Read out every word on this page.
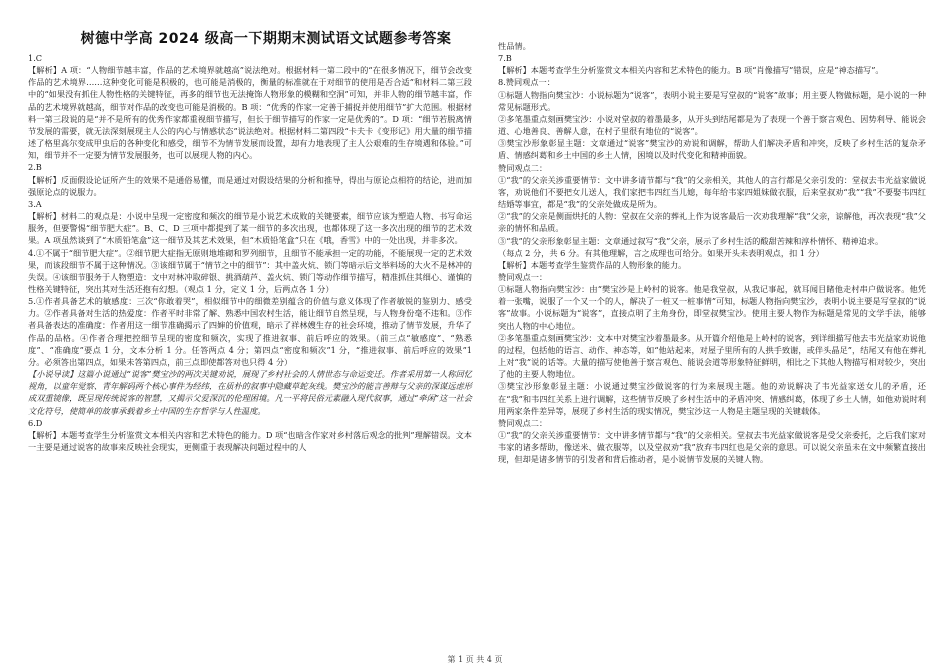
树德中学高 2024 级高一下期期末测试语文试题参考答案

1.C

【解析】A 项：“人物细节越丰富，作品的艺术境界就越高”说法绝对。根据材料一第二段中的“在很多情况下，细节会改变作品的艺术境界……这种变化可能是积极的，也可能是消极的，衡量的标准就在于对细节的使用是否合适”和材料二第三段中的“如果没有抓住人物性格的关键特征，再多的细节也无法掩饰人物形象的模糊和空洞”可知，并非人物的细节越丰富，作品的艺术境界就越高，细节对作品的改变也可能是消极的。B 项：“优秀的作家一定善于捕捉并使用细节”扩大范围。根据材料一第三段说的是“并不是所有的优秀作家都重视细节描写，但长于细节描写的作家一定是优秀的”。D 项：“细节若脱离情节发展的需要，就无法深刻展现主人公的内心与情感状态”说法绝对。根据材料二第四段“卡夫卡《变形记》用大量的细节描述了格里高尔变成甲虫后的各种变化和感受，细节不为情节发展而设置，却有力地表现了主人公艰难的生存境遇和体验。”可知，细节并不一定要为情节发展服务，也可以展现人物的内心。

2.B

【解析】反面假设论证所产生的效果不是通俗易懂，而是通过对假设结果的分析和推导，得出与原论点相符的结论，进而加强原论点的说服力。

3.A

【解析】材料二的观点是：小说中呈现一定密度和频次的细节是小说艺术成败的关键要素，细节应该为塑造人物、书写命运服务，但要警惕“细节肥大症”。B、C、D 三项中都提到了某一细节的多次出现，也都体现了这一多次出现的细节的艺术效果。A 项虽然谈到了“木质铅笔盒”这一细节及其艺术效果，但“木质铅笔盒”只在《哦，香雪》中的一处出现，并非多次。

4.①不属于“细节肥大症”。②细节肥大症指无原则地堆砌和罗列细节，且细节不能承担一定的功能，不能展现一定的艺术效果，而该段细节不属于这种情况。③该细节属于“情节之中的细节”：其中盖火炕、锁门等暗示后文举料场的大火不是林冲的失误。④该细节服务于人物塑造：文中对林冲取碎银、挑酒葫芦、盖火炕、锁门等动作细节描写，精准抓住其细心、谨慎的性格关键特征，突出其对生活还抱有幻想。（观点 1 分，定义 1 分，后两点各 1 分）

5.①作者具备艺术的敏感度：三次“你敢着哭”，相似细节中的细微差别蕴含的价值与意义体现了作者敏锐的鉴别力、感受力。②作者具备对生活的热爱度：作者平时非常了解、熟悉中国农村生活，能让细节自然呈现，与人物身份毫不违和。③作者具备表达的准确度：作者用这一细节准确揭示了四婶的价值观，暗示了祥林嫂生存的社会环境，推动了情节发展，升华了作品的品格。④作者合理把控细节呈现的密度和频次，实现了推进叙事、前后呼应的效果。（前三点“敏感度”、“熟悉度”、“准确度”要点 1 分，文本分析 1 分。任答两点 4 分；第四点“密度和频次”1 分，“推进叙事、前后呼应的效果”1 分。必须答出第四点，如果未答第四点，前三点即使都答对也只得 4 分）

【小说导读】这篇小说通过“说客”樊宝沙的两次关键劝说，展现了乡村社会的人情世态与命运变迁。作者采用第一人称回忆视角，以童年觉察、青年解码两个核心事件为经纬，在质朴的叙事中隐藏草蛇灰线。樊宝沙的能言善辩与父亲的深谋远虑形成双重镜像，既呈现传统说客的智慧，又揭示父爱深沉的伦理困境。凡一平将民俗元素融入现代叙事，通过“牵闲”这一社会文化符号，使简单的故事承载着乡土中国的生存哲学与人性温度。

6.D

【解析】本题考查学生分析鉴赏文本相关内容和艺术特色的能力。D 项“也暗含作家对乡村落后观念的批判”理解错误。文本一主要是通过说客的故事来反映社会现实，更侧重于表现解决问题过程中的人

性品情。

7.B

【解析】本题考查学生分析鉴赏文本相关内容和艺术特色的能力。B 项“肖像描写”错误，应是“神态描写”。

8.赞同观点一：

①标题人物指向樊宝沙：小说标题为“说客”，表明小说主要是写堂叔的“说客”故事；用主要人物做标题，是小说的一种常见标题形式。

②多笔墨重点刻画樊宝沙：小说对堂叔的着墨最多，从开头到结尾都是为了表现一个善于察言观色、因势利导、能说会道、心地善良、善解人意，在村子里很有地位的“说客”。

③樊宝沙形象彰显主题：文章通过“说客”樊宝沙的劝说和调解，帮助人们解决矛盾和冲突，反映了乡村生活的复杂矛盾、情感纠葛和乡土中国的乡土人情，困境以及时代变化和精神面貌。

赞同观点二：

①“我”的父亲关涉重要情节：文中讲多请节都与“我”的父亲相关，其他人的言行都是父亲引发的：堂叔去韦光益家做说客，劝说他们不要把女儿送人，我们家把韦四红当儿媳，每年给韦家四姐妹做衣服，后来堂叔劝“我”“我”不要娶韦四红结婚等事宜，都是“我”的父亲处做成是所为。

②“我”的父亲是侧面烘托的人物：堂叔在父亲的葬礼上作为说客最后一次劝我理解“我”父亲，谅解他，再次表现“我”父亲的情怀和品质。

③“我”的父亲形象彰显主题：文章通过叙写“我”父亲，展示了乡村生活的酸甜苦辣和淳朴情怀、精神追求。

（每点 2 分，共 6 分。有其他理解，言之成理也可给分。如果开头未表明观点，扣 1 分）

【解析】本题考查学生鉴赏作品的人物形象的能力。

赞同观点一：

①标题人物指向樊宝沙：由“樊宝沙是上岭村的说客。他是我堂叔，从我记事起，就耳闻目睹他走村串户做说客。他凭着一张嘴，说服了一个又一个的人，解决了一桩又一桩事情”可知，标题人物指向樊宝沙，表明小说主要是写堂叔的“说客”故事。小说标题为“说客”，直接点明了主角身份，即堂叔樊宝沙。使用主要人物作为标题是常见的文学手法，能够突出人物的中心地位。

②多笔墨重点刻画樊宝沙：文本中对樊宝沙着墨最多。从开篇介绍他是上岭村的说客，到详细描写他去韦光益家劝说他的过程，包括他的语言、动作、神态等，如“他站起来，对屋子里所有的人拱手致谢，或伴头晶足”，结尾又有他在葬礼上对“我”说的话等。大量的描写使他善于察言观色、能说会道等形象特征鲜明，相比之下其他人物描写相对较少，突出了他的主要人物地位。

③樊宝沙形象彰显主题：小说通过樊宝沙做说客的行为来展现主题。他的劝说解决了韦光益家送女儿的矛盾，还在“我”和韦四红关系上进行调解，这些情节反映了乡村生活中的矛盾冲突、情感纠葛，体现了乡土人情，如他劝说时利用两家条件差异等，展现了乡村生活的现实情况，樊宝沙这一人物是主题呈现的关键载体。

赞同观点二：

①“我”的父亲关涉重要情节：文中讲多情节都与“我”的父亲相关。堂叔去韦光益家做说客是受父亲委托，之后我们家对韦家的诸多帮助，像送米、做衣服等，以及堂叔劝“我”放弃韦四红也是父亲的意思。可以说父亲虽未在文中频繁直接出现，但却是诸多情节的引发者和背后推动者，是小说情节发展的关键人物。

第 1 页 共 4 页
